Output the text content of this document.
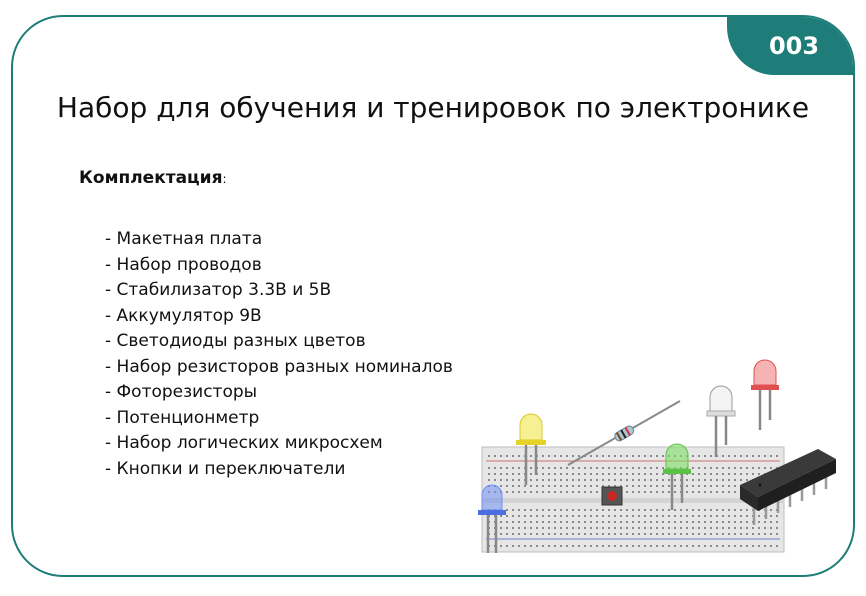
003
Набор для обучения и тренировок по электронике
Комплектация:
- Макетная плата
- Набор проводов
- Стабилизатор 3.3В и 5В
- Аккумулятор 9В
- Светодиоды разных цветов
- Набор резисторов разных номиналов
- Фоторезисторы
- Потенционметр
- Набор логических микросхем
- Кнопки и переключатели
